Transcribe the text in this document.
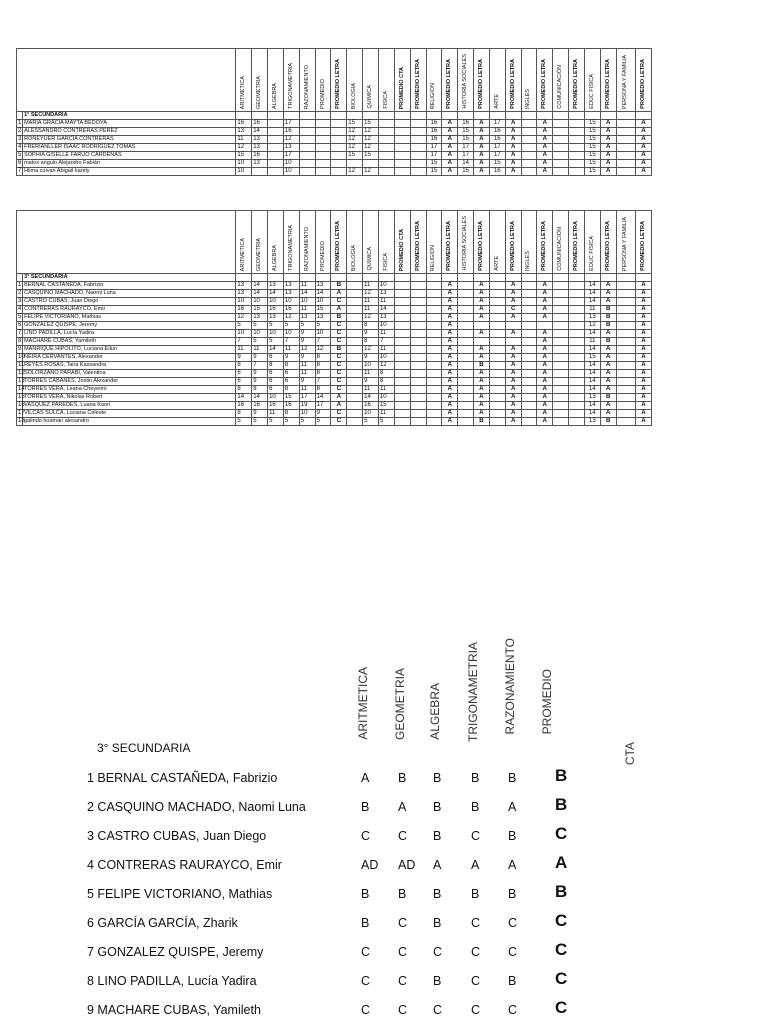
		ARITMETICA	GEOMETRIA	ALGEBRA	TRIGONAMETRIA	RAZONAMIENTO	PROMEDIO	PROMEDIO LETRA	BIOLOGIA	QUIMICA	FISICA	PROMEDIO CTA	PROMEDIO LETRA	RELIGION	PROMEDIO LETRA	HISTORIA SOCIALES	PROMEDIO LETRA	ARTE	PROMEDIO LETRA	INGLES	PROMEDIO LETRA	COMUNICACIÓN	PROMEDIO LETRA	EDUC FISICA	PROMEDIO LETRA	PERSONA Y FAMILIA	PROMEDIO LETRA

	1° SECUNDARIA																										
1	MARIA GRACIA MAYTA BEDOYA	16	16		17				15	15				16	A	16	A	17	A		A			15	A		A
2	ALESSANDRO CONTRERAS PEREZ	13	14		16				12	12				16	A	15	A	16	A		A			15	A		A
3	RONEYUER GARCÍA CONTRERAS	11	13		12				12	12				16	A	15	A	16	A		A			15	A		A
4	FRERIANLLER ISAAC RODRIGUEZ TOMAS	12	13		13				12	12				17	A	17	A	17	A		A			15	A		A
5	SOPHIA GISELLE FARUO CÁRDENAS	15	16		17				15	15				17	A	17	A	17	A		A			15	A		A
6	matos angulo Alejandro Fabián	10	13		10									15	A	14	A	15	A		A			15	A		A
7	Hiima cuivan Abigail karely	10			10				12	12				15	A	15	A	16	A		A			15	A		A

		ARITMETICA	GEOMETRIA	ALGEBRA	TRIGONAMETRIA	RAZONAMIENTO	PROMEDIO	PROMEDIO LETRA	BIOLOGIA	QUIMICA	FISICA	PROMEDIO CTA	PROMEDIO LETRA	RELIGION	PROMEDIO LETRA	HISTORIA SOCIALES	PROMEDIO LETRA	ARTE	PROMEDIO LETRA	INGLES	PROMEDIO LETRA	COMUNICACIÓN	PROMEDIO LETRA	EDUC FISICA	PROMEDIO LETRA	PERSONA Y FAMILIA	PROMEDIO LETRA

	3° SECUNDARIA																										
1	BERNAL CASTAÑEDA, Fabrizio	13	14	13	13	11	13	B		11	10				A		A		A		A			14	A		A
2	CASQUINO MACHADO, Naomi Luna	13	14	14	13	14	14	A		12	13				A		A		A		A			14	A		A
3	CASTRO CUBAS, Juan Diego	10	10	10	10	10	10	C		11	11				A		A		A		A			14	A		A
4	CONTRERAS RAURAYCO, Emir	16	15	16	16	11	15	A		11	14				A		A		C		A			11	B		A
5	FELIPE VICTORIANO, Mathias	12	13	13	12	13	13	B		12	13				A		A		A		A			13	B		A
6	GONZALEZ QUISPE, Jeremy	5	5	5	5	5	5	C		8	10				A									12	B		A
7	LINO PADILLA, Lucía Yadira	10	10	10	10	9	10	C		9	11				A		A		A		A			14	A		A
8	MACHARE CUBAS, Yamileth	7	5	5	7	9	7	C		8	7				A						A			11	B		A
9	MANRIQUE HIPOLITO, Luciana Eilun	11	11	14	11	12	12	B		12	11				A		A		A		A			14	A		A
10	NEIRA CERVANTES, Alexander	9	9	6	9	9	8	C		9	10				A		A		A		A			15	A		A
11	REYES ROSAS, Taira Kassandra	8	7	8	8	11	8	C		10	12				A		B		A		A			14	A		A
12	SOLORZANO PARABI, Valentina	6	9	6	6	11	8	C		11	8				A		A		A		A			14	A		A
13	TORRES CABANES, Jostin Alexander	6	9	6	6	9	7	C		9	8				A		A		A		A			14	A		A
14	TORRES VERA, Leana Cheyenni	8	8	6	8	11	8	C		11	11				A		A		A		A			14	A		A
15	TORRES VERA, Nikolas Robert	14	14	10	15	17	14	A		14	10				A		A		A		A			13	B		A
16	VASQUEZ PAREDES, Luana Kaori	16	16	16	16	19	17	A		16	15				A		A		A		A			14	A		A
17	VILCAS SULCA, Luciana Celeste	8	9	11	8	10	9	C		10	11				A		A		A		A			14	A		A
18	galindo huaman alesandro	5	5	5	5	5	5	C		5	5				A		B		A		A			13	B		A
3° SECUNDARIA
ARITMETICA GEOMETRIA ALGEBRA TRIGONAMETRIA RAZONAMIENTO PROMEDIO
CTA
1 BERNAL CASTAÑEDA, Fabrizio	A	B	B	B	B	B
2 CASQUINO MACHADO, Naomi Luna	B	A	B	B	A	B
3 CASTRO CUBAS, Juan Diego	C	C	B	C	B	C
4 CONTRERAS RAURAYCO, Emir	AD	AD	A	A	A	A
5 FELIPE VICTORIANO, Mathias	B	B	B	B	B	B
6 GARCÍA GARCÍA, Zharik	B	C	B	C	C	C
7 GONZALEZ QUISPE, Jeremy	C	C	C	C	C	C
8 LINO PADILLA, Lucía Yadira	C	C	B	C	B	C
9 MACHARE CUBAS, Yamileth	C	C	C	C	C	C
